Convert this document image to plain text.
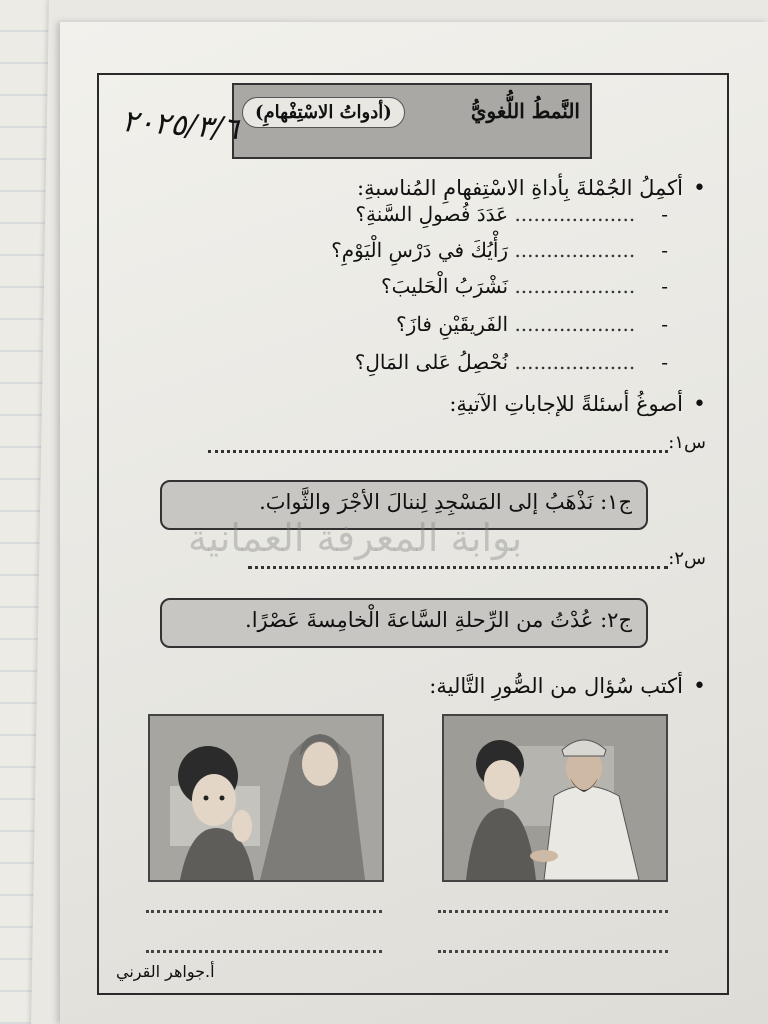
النَّمطُ اللُّغويُّ
(أدواتُ الاسْتِفْهامِ)
٢٠٢٥/٣/٦
•أكمِلُ الجُمْلةَ بِأداةِ الاسْتِفهامِ المُناسبةِ:
-................... عَدَدَ فُصولِ السَّنةِ؟
-................... رَأْيُكَ في دَرْسِ الْيَوْمِ؟
-................... نَشْرَبُ الْحَليبَ؟
-................... الفَريقَيْنِ فازَ؟
-................... نُحْصِلُ عَلى المَالِ؟
•أصوغُ أسئلةً للإجاباتِ الآتيةِ:
س١:
ج١: نَذْهَبُ إلى المَسْجِدِ لِننالَ الأجْرَ والثَّوابَ.
بوابة المعرفة العمانية	س٢:
ج٢: عُدْتُ من الرِّحلةِ السَّاعةَ الْخامِسةَ عَصْرًا.
•أكتب سُؤال من الصُّورِ التَّالية:
أ.جواهر القرني
